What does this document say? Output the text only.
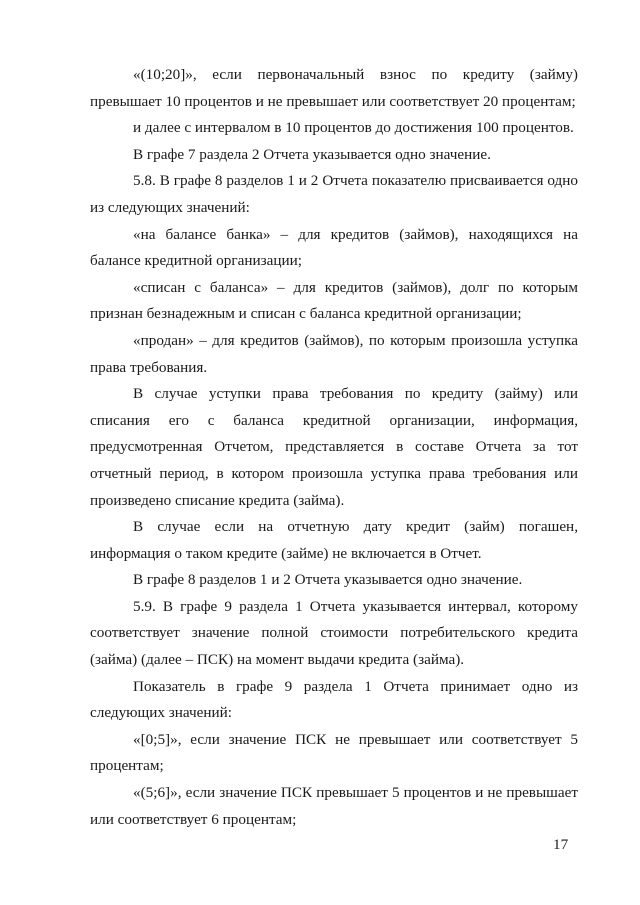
«(10;20]», если первоначальный взнос по кредиту (займу) превышает 10 процентов и не превышает или соответствует 20 процентам;

и далее с интервалом в 10 процентов до достижения 100 процентов.

В графе 7 раздела 2 Отчета указывается одно значение.

5.8. В графе 8 разделов 1 и 2 Отчета показателю присваивается одно из следующих значений:

«на балансе банка» – для кредитов (займов), находящихся на балансе кредитной организации;

«списан с баланса» – для кредитов (займов), долг по которым признан безнадежным и списан с баланса кредитной организации;

«продан» – для кредитов (займов), по которым произошла уступка права требования.

В случае уступки права требования по кредиту (займу) или списания его с баланса кредитной организации, информация, предусмотренная Отчетом, представляется в составе Отчета за тот отчетный период, в котором произошла уступка права требования или произведено списание кредита (займа).

В случае если на отчетную дату кредит (займ) погашен, информация о таком кредите (займе) не включается в Отчет.

В графе 8 разделов 1 и 2 Отчета указывается одно значение.

5.9. В графе 9 раздела 1 Отчета указывается интервал, которому соответствует значение полной стоимости потребительского кредита (займа) (далее – ПСК) на момент выдачи кредита (займа).

Показатель в графе 9 раздела 1 Отчета принимает одно из следующих значений:

«[0;5]», если значение ПСК не превышает или соответствует 5 процентам;

«(5;6]», если значение ПСК превышает 5 процентов и не превышает или соответствует 6 процентам;

17
